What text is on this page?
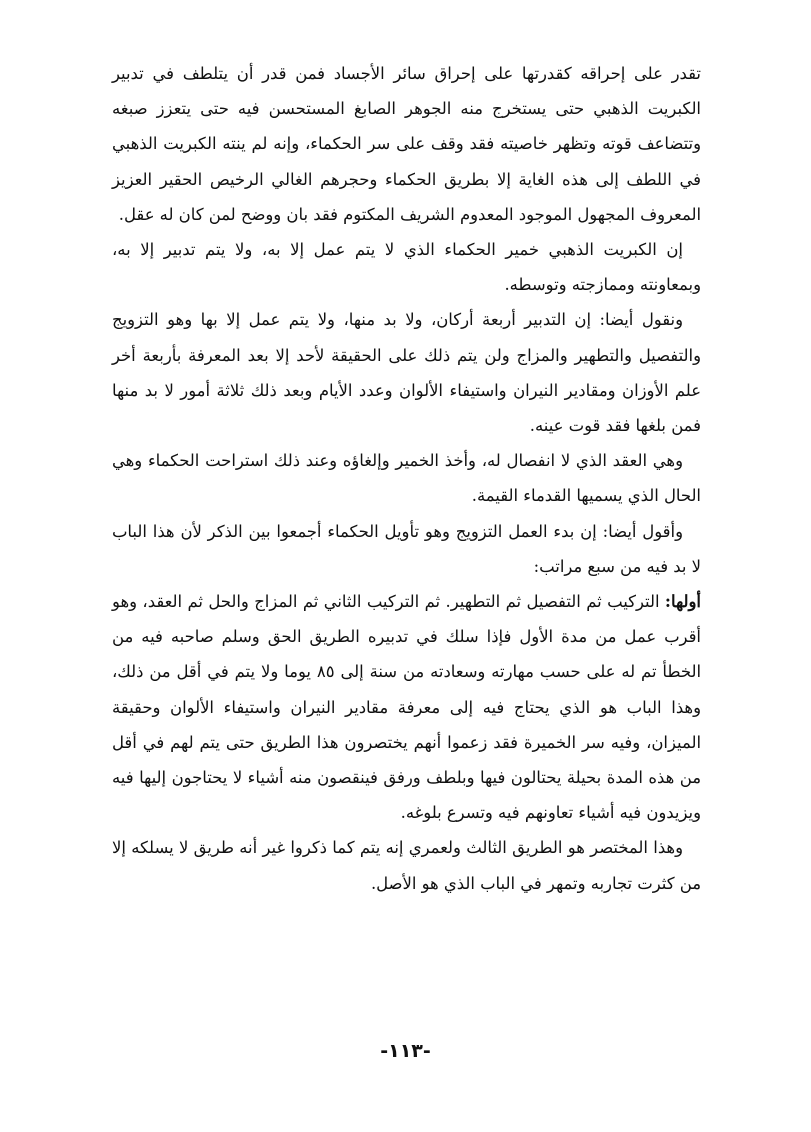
تقدر على إحراقه كقدرتها على إحراق سائر الأجساد فمن قدر أن يتلطف في تدبير الكبريت الذهبي حتى يستخرج منه الجوهر الصابغ المستحسن فيه حتى يتعزز صبغه وتتضاعف قوته وتظهر خاصيته فقد وقف على سر الحكماء، وإنه لم ينته الكبريت الذهبي في اللطف إلى هذه الغاية إلا بطريق الحكماء وحجرهم الغالي الرخيص الحقير العزيز المعروف المجهول الموجود المعدوم الشريف المكتوم فقد بان ووضح لمن كان له عقل.

إن الكبريت الذهبي خمير الحكماء الذي لا يتم عمل إلا به، ولا يتم تدبير إلا به، وبمعاونته وممازجته وتوسطه.

ونقول أيضا: إن التدبير أربعة أركان، ولا بد منها، ولا يتم عمل إلا بها وهو التزويج والتفصيل والتطهير والمزاج ولن يتم ذلك على الحقيقة لأحد إلا بعد المعرفة بأربعة أخر علم الأوزان ومقادير النيران واستيفاء الألوان وعدد الأيام وبعد ذلك ثلاثة أمور لا بد منها فمن بلغها فقد قوت عينه.

وهي العقد الذي لا انفصال له، وأخذ الخمير وإلغاؤه وعند ذلك استراحت الحكماء وهي الحال الذي يسميها القدماء القيمة.

وأقول أيضا: إن بدء العمل التزويج وهو تأويل الحكماء أجمعوا بين الذكر لأن هذا الباب لا بد فيه من سبع مراتب:

أولها: التركيب ثم التفصيل ثم التطهير. ثم التركيب الثاني ثم المزاج والحل ثم العقد، وهو أقرب عمل من مدة الأول فإذا سلك في تدبيره الطريق الحق وسلم صاحبه فيه من الخطأ تم له على حسب مهارته وسعادته من سنة إلى ٨٥ يوما ولا يتم في أقل من ذلك، وهذا الباب هو الذي يحتاج فيه إلى معرفة مقادير النيران واستيفاء الألوان وحقيقة الميزان، وفيه سر الخميرة فقد زعموا أنهم يختصرون هذا الطريق حتى يتم لهم في أقل من هذه المدة بحيلة يحتالون فيها وبلطف ورفق فينقصون منه أشياء لا يحتاجون إليها فيه ويزيدون فيه أشياء تعاونهم فيه وتسرع بلوغه.

وهذا المختصر هو الطريق الثالث ولعمري إنه يتم كما ذكروا غير أنه طريق لا يسلكه إلا من كثرت تجاربه وتمهر في الباب الذي هو الأصل.

-١١٣-
